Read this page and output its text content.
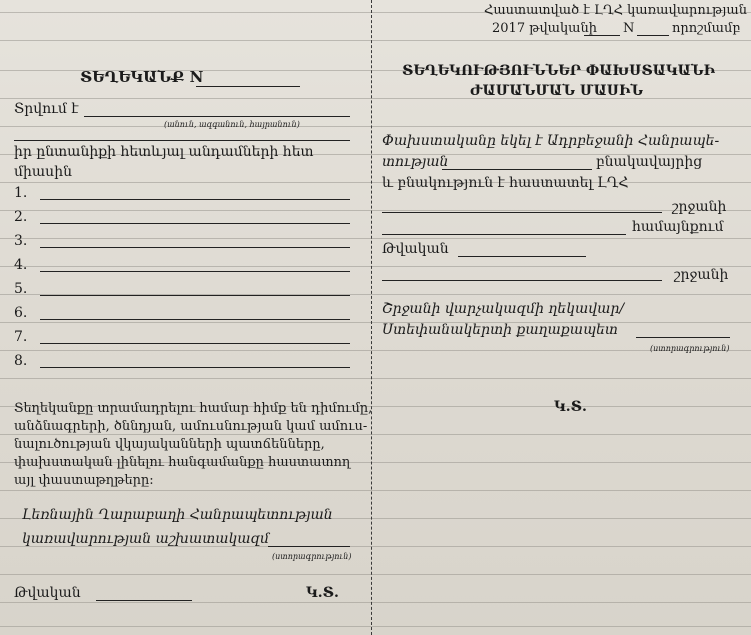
ՏԵՂԵԿԱՆՔ N
Տրվում է
(անուն, ազգանուն, հայրանուն)
իր ընտանիքի հետևյալ անդամների հետ
միասին
1.
2.
3.
4.
5.
6.
7.
8.
Տեղեկանքը տրամադրելու համար հիմք են դիմումը,
անձնագրերի, ծննդյան, ամուսնության կամ ամուս-
նալուծության վկայականների պատճենները,
փախստական լինելու հանգամանքը հաստատող
այլ փաստաթղթերը:
Լեռնային Ղարաբաղի Հանրապետության
կառավարության աշխատակազմ
(ստորագրություն)
Թվական	Կ.Տ.
Հաստատված է ԼՂՀ կառավարության
2017 թվականի N	որոշմամբ
ՏԵՂԵԿՈՒԹՅՈՒՆՆԵՐ ՓԱԽՍՏԱԿԱՆԻ
ԺԱՄԱՆՄԱՆ ՄԱՍԻՆ
Փախստականը եկել է Ադրբեջանի Հանրապե-
տության	բնակավայրից
և բնակություն է հաստատել ԼՂՀ
շրջանի
համայնքում
Թվական
շրջանի
Շրջանի վարչակազմի ղեկավար/
Ստեփանակերտի քաղաքապետ
(ստորագրություն)
Կ.Տ.
